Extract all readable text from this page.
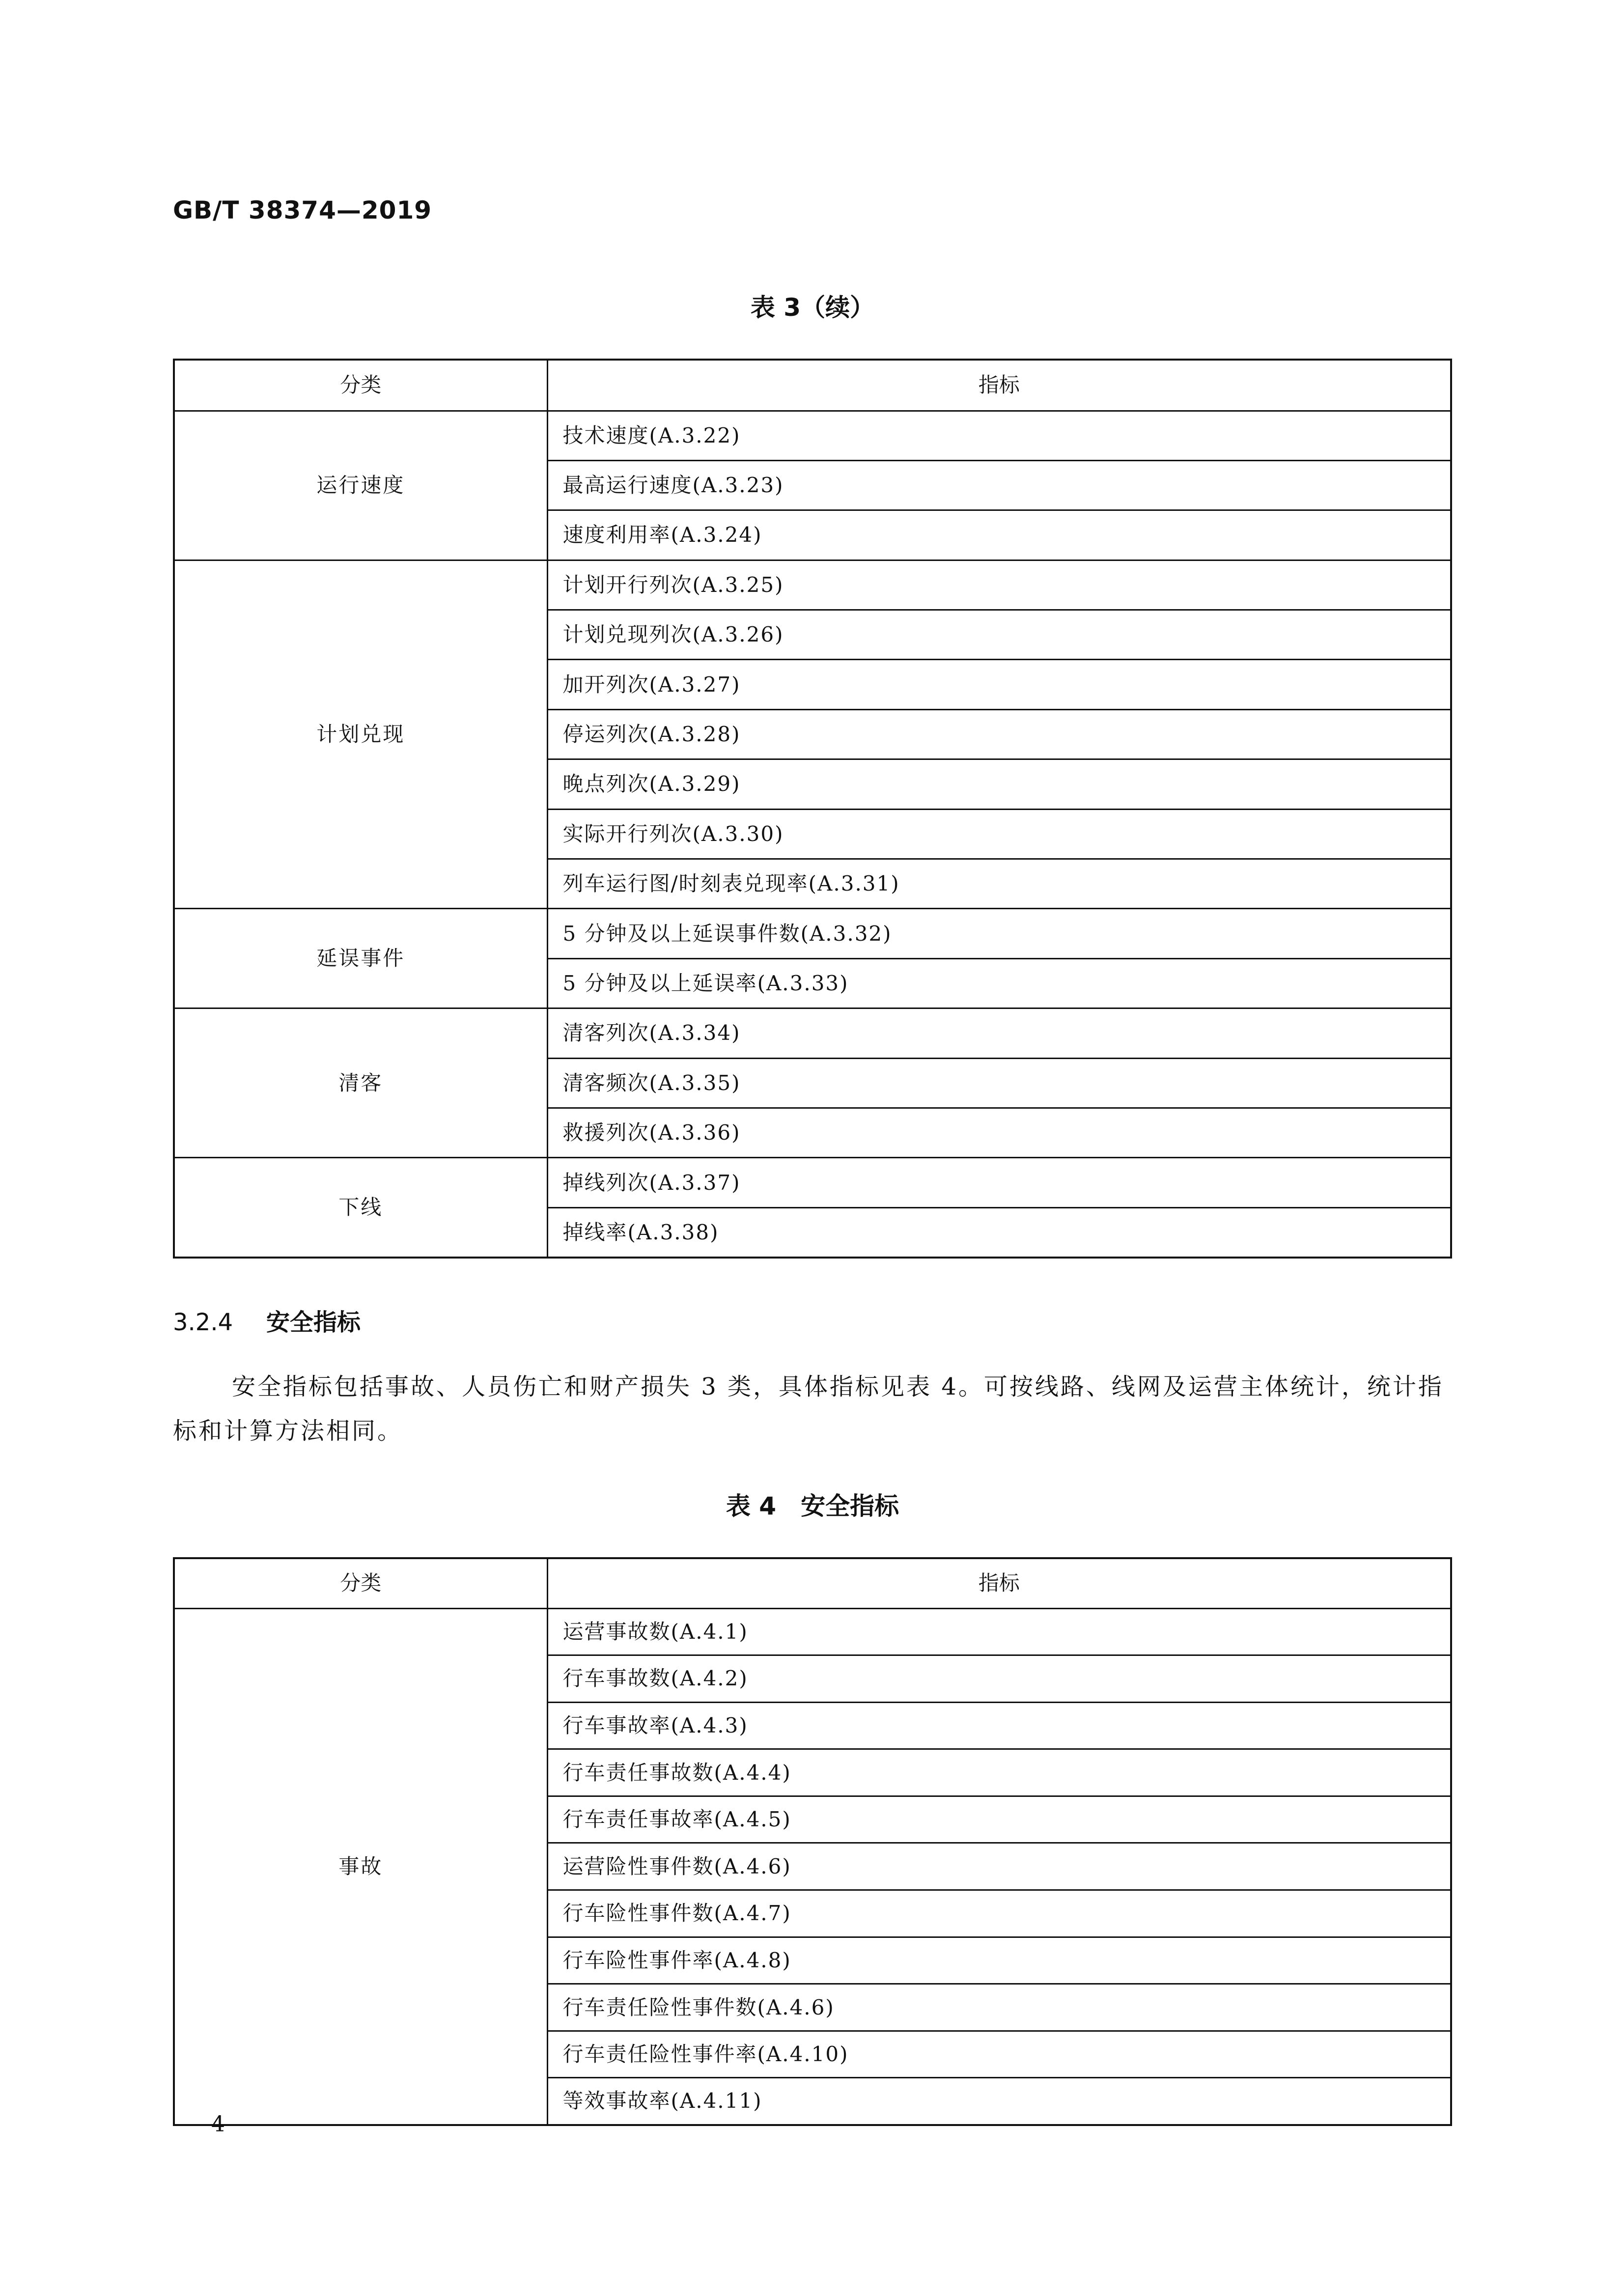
GB/T 38374—2019
表 3（续）
分类	指标
运行速度	技术速度(A.3.22)
	最高运行速度(A.3.23)
	速度利用率(A.3.24)
计划兑现	计划开行列次(A.3.25)
	计划兑现列次(A.3.26)
	加开列次(A.3.27)
	停运列次(A.3.28)
	晚点列次(A.3.29)
	实际开行列次(A.3.30)
	列车运行图/时刻表兑现率(A.3.31)
延误事件	5 分钟及以上延误事件数(A.3.32)
	5 分钟及以上延误率(A.3.33)
清客	清客列次(A.3.34)
	清客频次(A.3.35)
	救援列次(A.3.36)
下线	掉线列次(A.3.37)
	掉线率(A.3.38)
3.2.4 安全指标

安全指标包括事故、人员伤亡和财产损失 3 类，具体指标见表 4。可按线路、线网及运营主体统计，统计指标和计算方法相同。

表 4 安全指标
分类	指标
事故	运营事故数(A.4.1)
	行车事故数(A.4.2)
	行车事故率(A.4.3)
	行车责任事故数(A.4.4)
	行车责任事故率(A.4.5)
	运营险性事件数(A.4.6)
	行车险性事件数(A.4.7)
	行车险性事件率(A.4.8)
	行车责任险性事件数(A.4.6)
	行车责任险性事件率(A.4.10)
	等效事故率(A.4.11)
4
